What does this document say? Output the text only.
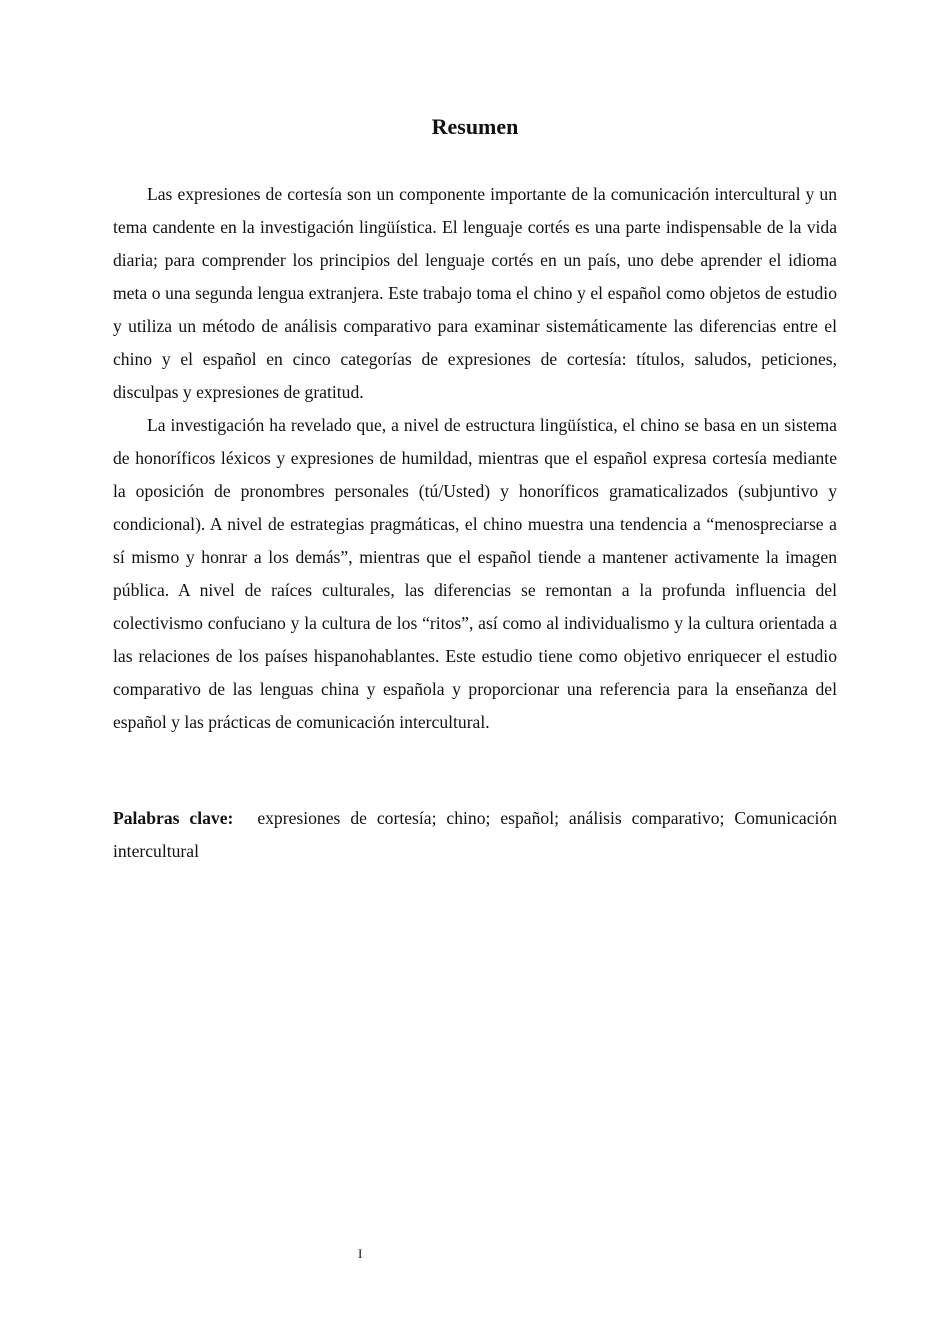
Resumen

Las expresiones de cortesía son un componente importante de la comunicación intercultural y un tema candente en la investigación lingüística. El lenguaje cortés es una parte indispensable de la vida diaria; para comprender los principios del lenguaje cortés en un país, uno debe aprender el idioma meta o una segunda lengua extranjera. Este trabajo toma el chino y el español como objetos de estudio y utiliza un método de análisis comparativo para examinar sistemáticamente las diferencias entre el chino y el español en cinco categorías de expresiones de cortesía: títulos, saludos, peticiones, disculpas y expresiones de gratitud.

La investigación ha revelado que, a nivel de estructura lingüística, el chino se basa en un sistema de honoríficos léxicos y expresiones de humildad, mientras que el español expresa cortesía mediante la oposición de pronombres personales (tú/Usted) y honoríficos gramaticalizados (subjuntivo y condicional). A nivel de estrategias pragmáticas, el chino muestra una tendencia a “menospreciarse a sí mismo y honrar a los demás”, mientras que el español tiende a mantener activamente la imagen pública. A nivel de raíces culturales, las diferencias se remontan a la profunda influencia del colectivismo confuciano y la cultura de los “ritos”, así como al individualismo y la cultura orientada a las relaciones de los países hispanohablantes. Este estudio tiene como objetivo enriquecer el estudio comparativo de las lenguas china y española y proporcionar una referencia para la enseñanza del español y las prácticas de comunicación intercultural.

Palabras clave: expresiones de cortesía; chino; español; análisis comparativo; Comunicación intercultural
I
